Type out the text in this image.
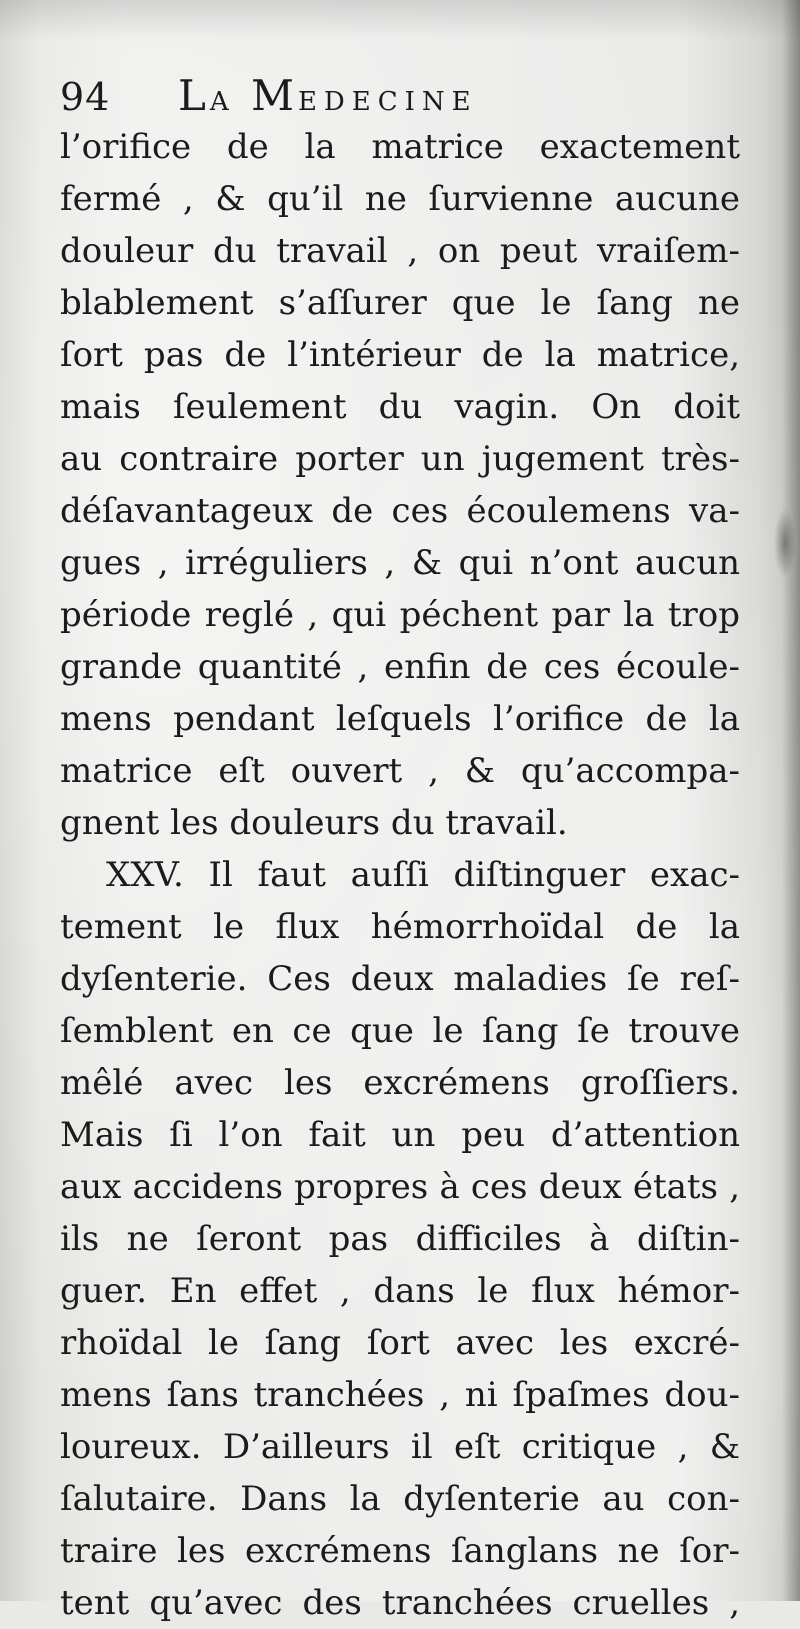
94	LA MEDECINE
l’orifice de la matrice exactement
fermé , & qu’il ne ſurvienne aucune
douleur du travail , on peut vraiſem-
blablement s’aſſurer que le ſang ne
ſort pas de l’intérieur de la matrice,
mais ſeulement du vagin. On doit
au contraire porter un jugement très-
déſavantageux de ces écoulemens va-
gues , irréguliers , & qui n’ont aucun
période reglé , qui péchent par la trop
grande quantité , enfin de ces écoule-
mens pendant leſquels l’orifice de la
matrice eſt ouvert , & qu’accompa-
gnent les douleurs du travail.
XXV. Il faut auſſi diſtinguer exac-
tement le flux hémorrhoïdal de la
dyſenterie. Ces deux maladies ſe reſ-
ſemblent en ce que le ſang ſe trouve
mêlé avec les excrémens groſſiers.
Mais ſi l’on fait un peu d’attention
aux accidens propres à ces deux états ,
ils ne ſeront pas difficiles à diſtin-
guer. En effet , dans le flux hémor-
rhoïdal le ſang ſort avec les excré-
mens ſans tranchées , ni ſpaſmes dou-
loureux. D’ailleurs il eſt critique , &
ſalutaire. Dans la dyſenterie au con-
traire les excrémens ſanglans ne ſor-
tent qu’avec des tranchées cruelles ,
